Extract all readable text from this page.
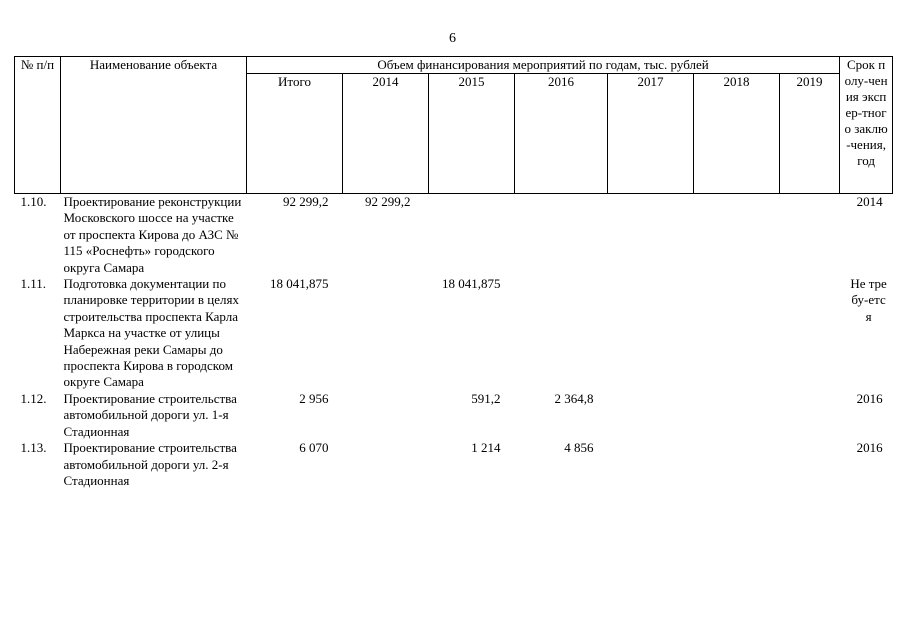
6
№ п/п	Наименование объекта	Объем финансирования мероприятий по годам, тыс. рублей							Срок полу-чения экспер-тного заклю-чения, год

		Итого	2014	2015	2016	2017	2018	2019	
1.10.	Проектирование реконструкции Московского шоссе на участке от проспекта Кирова до АЗС № 115 «Роснефть» городского округа Самара	92 299,2	92 299,2						2014
1.11.	Подготовка документации по планировке территории в целях строительства проспекта Карла Маркса на участке от улицы Набережная реки Самары до проспекта Кирова в городском округе Самара	18 041,875		18 041,875					Не требу-ется

1.12.	Проектирование строительства автомобильной дороги ул. 1-я Стадионная	2 956		591,2	2 364,8				2016
1.13.	Проектирование строительства автомобильной дороги ул. 2-я Стадионная	6 070		1 214	4 856				2016
